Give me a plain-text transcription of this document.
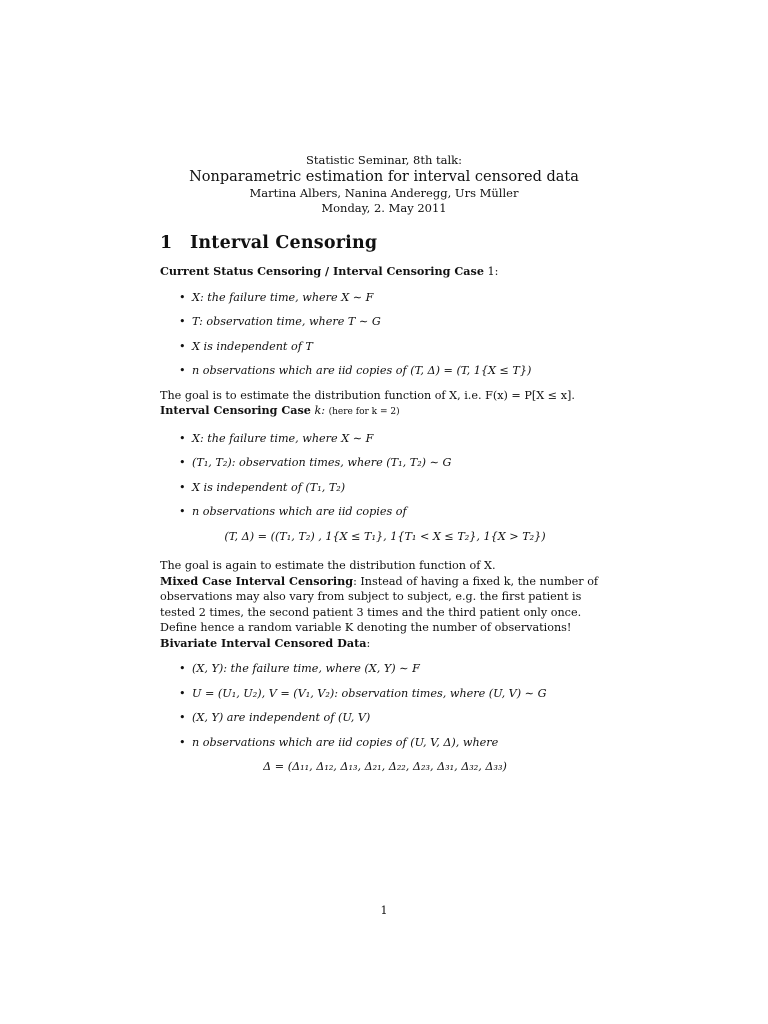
Statistic Seminar, 8th talk:
Nonparametric estimation for interval censored data
Martina Albers, Nanina Anderegg, Urs Müller
Monday, 2. May 2011
1 Interval Censoring

Current Status Censoring / Interval Censoring Case 1:

• X: the failure time, where X ∼ F
• T: observation time, where T ∼ G
• X is independent of T
• n observations which are iid copies of (T, Δ) = (T, 1{X ≤ T})

The goal is to estimate the distribution function of X, i.e. F(x) = P[X ≤ x].

Interval Censoring Case k: (here for k = 2)

• X: the failure time, where X ∼ F
• (T₁, T₂): observation times, where (T₁, T₂) ∼ G
• X is independent of (T₁, T₂)
• n observations which are iid copies of
(T, Δ) = ((T₁, T₂) , 1{X ≤ T₁}, 1{T₁ < X ≤ T₂}, 1{X > T₂})

The goal is again to estimate the distribution function of X.

Mixed Case Interval Censoring: Instead of having a fixed k, the number of observations may also vary from subject to subject, e.g. the first patient is tested 2 times, the second patient 3 times and the third patient only once. Define hence a random variable K denoting the number of observations!

Bivariate Interval Censored Data:

• (X, Y): the failure time, where (X, Y) ∼ F
• U = (U₁, U₂), V = (V₁, V₂): observation times, where (U, V) ∼ G
• (X, Y) are independent of (U, V)
• n observations which are iid copies of (U, V, Δ), where
Δ = (Δ₁₁, Δ₁₂, Δ₁₃, Δ₂₁, Δ₂₂, Δ₂₃, Δ₃₁, Δ₃₂, Δ₃₃)
1
